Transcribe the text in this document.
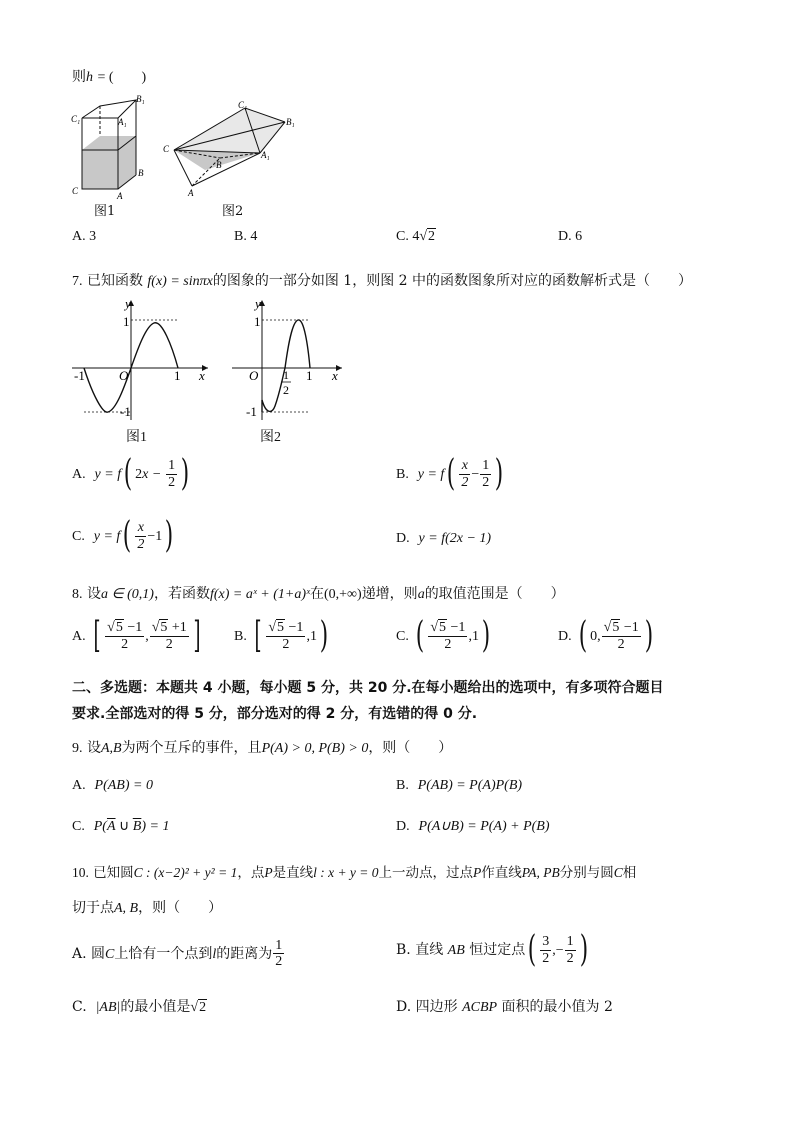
则h = (　　)
B₁
C₁	A₁
C
B
A
图1
C₁
B₁
C
A₁
B
A
图2
A. 3	B. 4	C. 4√2	D. 6
7. 已知函数 f(x) = sinπx的图象的一部分如图 1，则图 2 中的函数图象所对应的函数解析式是（　　）
y
x
O
1
1
-1
-1
图1
y
x
O
1
1
-1
1
2
图2
A. y = f( $2x - \frac{1}{2}$ )	B. $y = f( \frac{x}{2} - \frac{1}{2}$ )
C. $y = f( \frac{x}{2} -1)$	D. y = f(2x − 1)
8. 设a ∈ (0,1)，若函数f(x) = aˣ + (1+a)ˣ在(0,+∞)递增，则a的取值范围是（　　）
A. [ $\frac{√5 -1}{2}$ , $\frac{√5 +1}{2}$ ] B. [ $\frac{√5 -1}{2} ,1$)	C. ( $\frac{√5 -1}{2} ,1$)	D. ( 0, $\frac{√5 -1}{2}$ )
二、多选题：本题共 4 小题，每小题 5 分，共 20 分.在每小题给出的选项中，有多项符合题目
要求.全部选对的得 5 分，部分选对的得 2 分，有选错的得 0 分.
9. 设A,B为两个互斥的事件，且P(A) > 0, P(B) > 0，则（　　）
A. P(AB) = 0	B. P(AB) = P(A)P(B)
C. $P(\overline{A}$ ∪ $\overline{B}) = 1$	D. P(A∪B) = P(A) + P(B)
10. 已知圆C : (x−2)² + y² = 1，点P是直线l : x + y = 0上一动点，过点P作直线PA, PB分别与圆C相
切于点A, B，则（　　）
A. 圆C上恰有一个点到l的距离为 $\frac{1}{2}$	B. 直线 AB 恒过定点( $\frac{3}{2}$ ,− $\frac{1}{2}$ )
C. |AB|的最小值是√2	D. 四边形 ACBP 面积的最小值为 2
